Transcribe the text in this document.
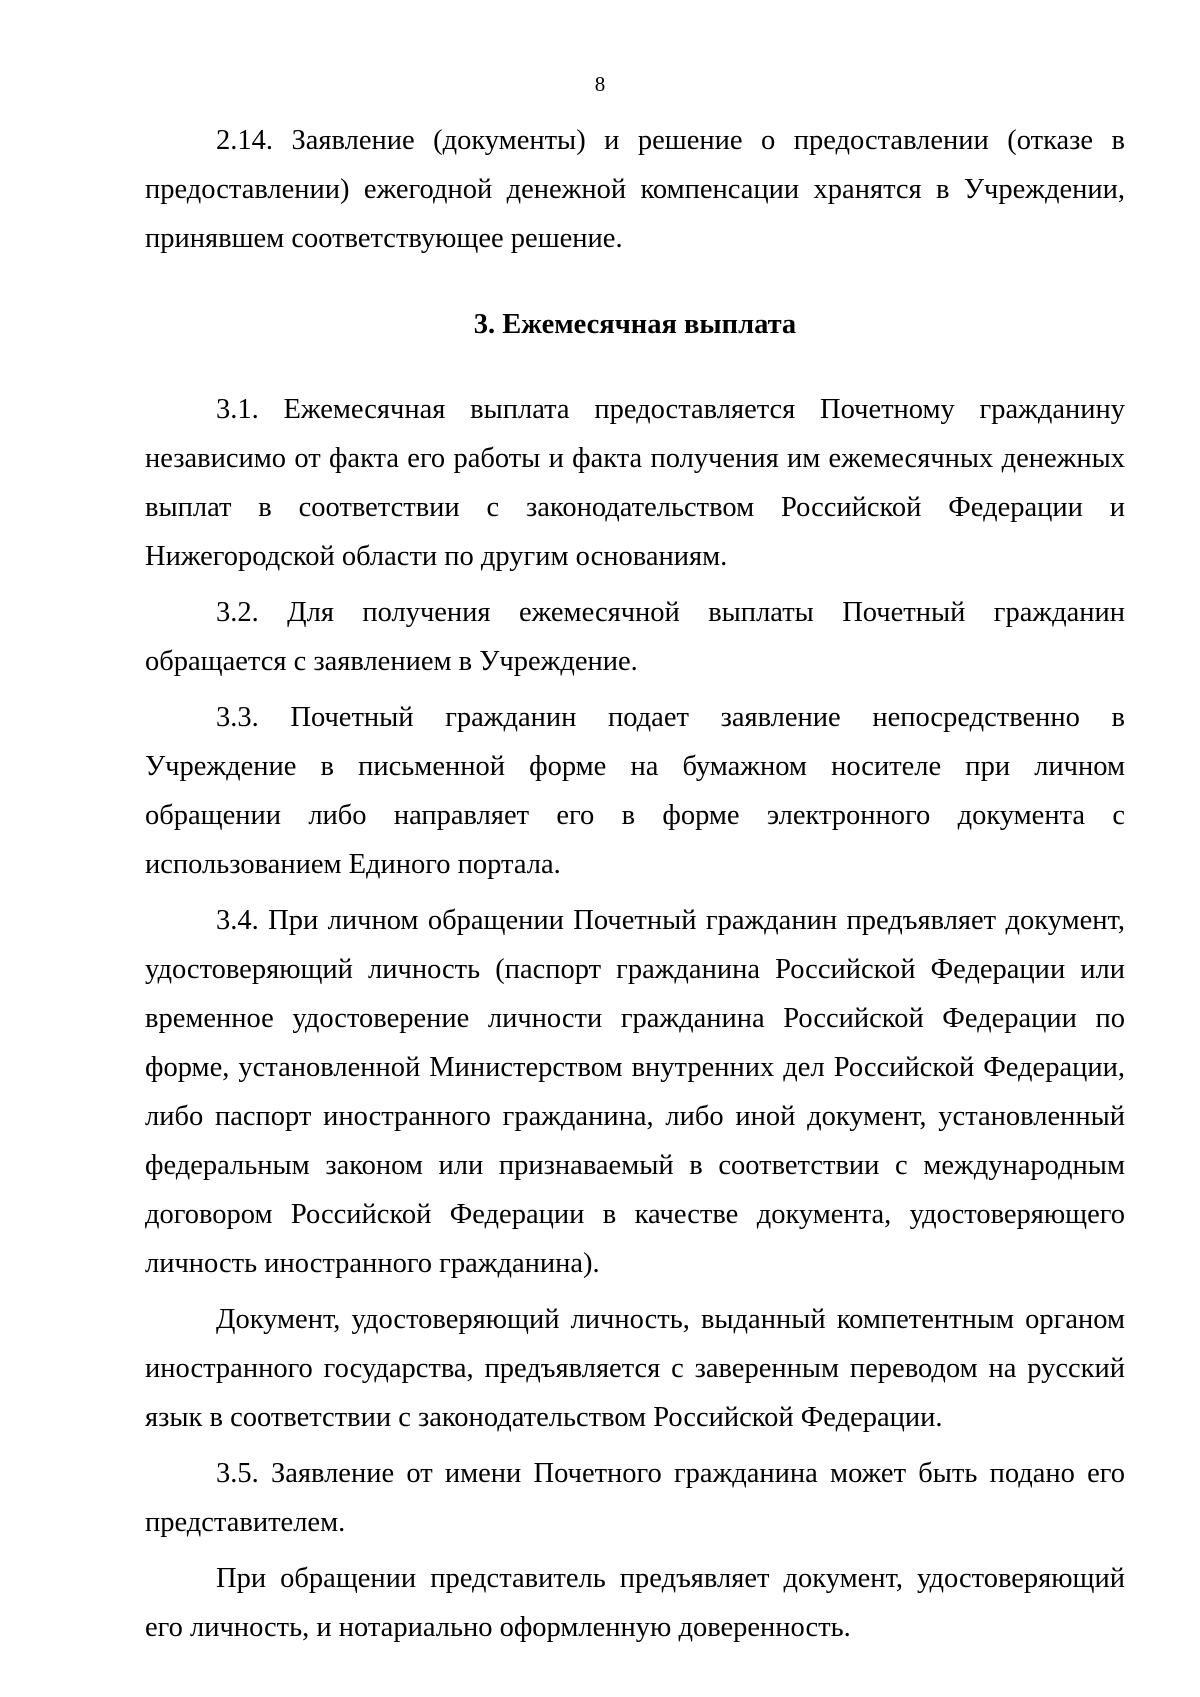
8

2.14. Заявление (документы) и решение о предоставлении (отказе в предоставлении) ежегодной денежной компенсации хранятся в Учреждении, принявшем соответствующее решение.

3. Ежемесячная выплата

3.1. Ежемесячная выплата предоставляется Почетному гражданину независимо от факта его работы и факта получения им ежемесячных денежных выплат в соответствии с законодательством Российской Федерации и Нижегородской области по другим основаниям.

3.2. Для получения ежемесячной выплаты Почетный гражданин обращается с заявлением в Учреждение.

3.3. Почетный гражданин подает заявление непосредственно в Учреждение в письменной форме на бумажном носителе при личном обращении либо направляет его в форме электронного документа с использованием Единого портала.

3.4. При личном обращении Почетный гражданин предъявляет документ, удостоверяющий личность (паспорт гражданина Российской Федерации или временное удостоверение личности гражданина Российской Федерации по форме, установленной Министерством внутренних дел Российской Федерации, либо паспорт иностранного гражданина, либо иной документ, установленный федеральным законом или признаваемый в соответствии с международным договором Российской Федерации в качестве документа, удостоверяющего личность иностранного гражданина).

Документ, удостоверяющий личность, выданный компетентным органом иностранного государства, предъявляется с заверенным переводом на русский язык в соответствии с законодательством Российской Федерации.

3.5. Заявление от имени Почетного гражданина может быть подано его представителем.

При обращении представитель предъявляет документ, удостоверяющий его личность, и нотариально оформленную доверенность.
